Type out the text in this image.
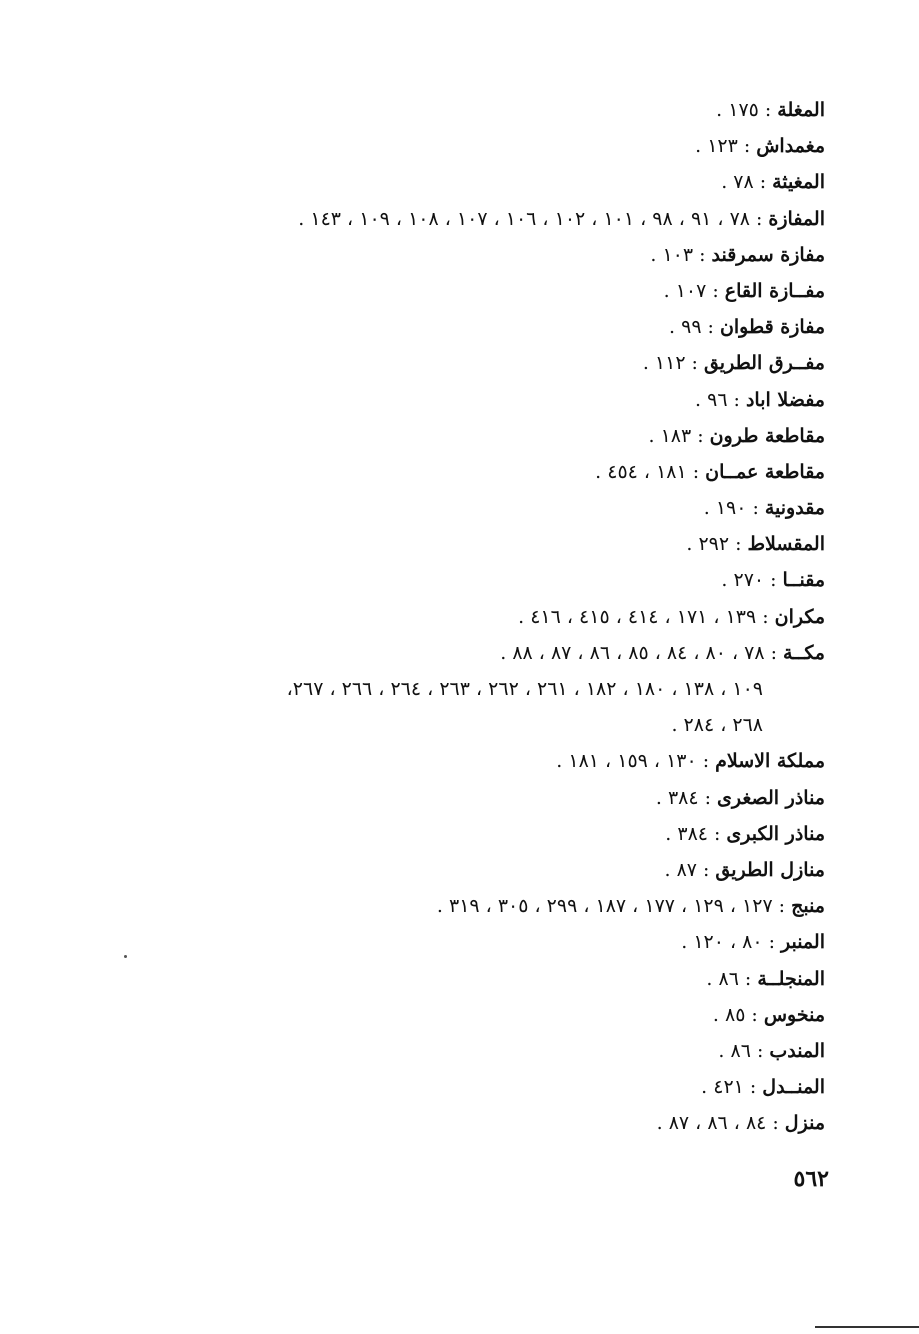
المغلة:١٧٥ .
مغمداش:١٢٣ .
المغيثة:٧٨ .
المفازة:٧٨ ، ٩١ ، ٩٨ ، ١٠١ ، ١٠٢ ، ١٠٦ ، ١٠٧ ، ١٠٨ ، ١٠٩ ، ١٤٣ .
مفازة سمرقند:١٠٣ .
مفــازة القاع:١٠٧ .
مفازة قطوان:٩٩ .
مفــرق الطريق:١١٢ .
مفضلا اباد:٩٦ .
مقاطعة طرون:١٨٣ .
مقاطعة عمــان:١٨١ ، ٤٥٤ .
مقدونية:١٩٠ .
المقسلاط:٢٩٢ .
مقنــا:٢٧٠ .
مكران:١٣٩ ، ١٧١ ، ٤١٤ ، ٤١٥ ، ٤١٦ .
مكــة:٧٨ ، ٨٠ ، ٨٤ ، ٨٥ ، ٨٦ ، ٨٧ ، ٨٨ .
١٠٩ ، ١٣٨ ، ١٨٠ ، ١٨٢ ، ٢٦١ ، ٢٦٢ ، ٢٦٣ ، ٢٦٤ ، ٢٦٦ ، ٢٦٧،
٢٦٨ ، ٢٨٤ .
مملكة الاسلام:١٣٠ ، ١٥٩ ، ١٨١ .
مناذر الصغرى:٣٨٤ .
مناذر الكبرى:٣٨٤ .
منازل الطريق:٨٧ .
منبج:١٢٧ ، ١٢٩ ، ١٧٧ ، ١٨٧ ، ٢٩٩ ، ٣٠٥ ، ٣١٩ .
المنبر:٨٠ ، ١٢٠ .
المنجلــة:٨٦ .
منخوس:٨٥ .
المندب:٨٦ .
المنــدل:٤٢١ .
منزل:٨٤ ، ٨٦ ، ٨٧ .
٥٦٢
